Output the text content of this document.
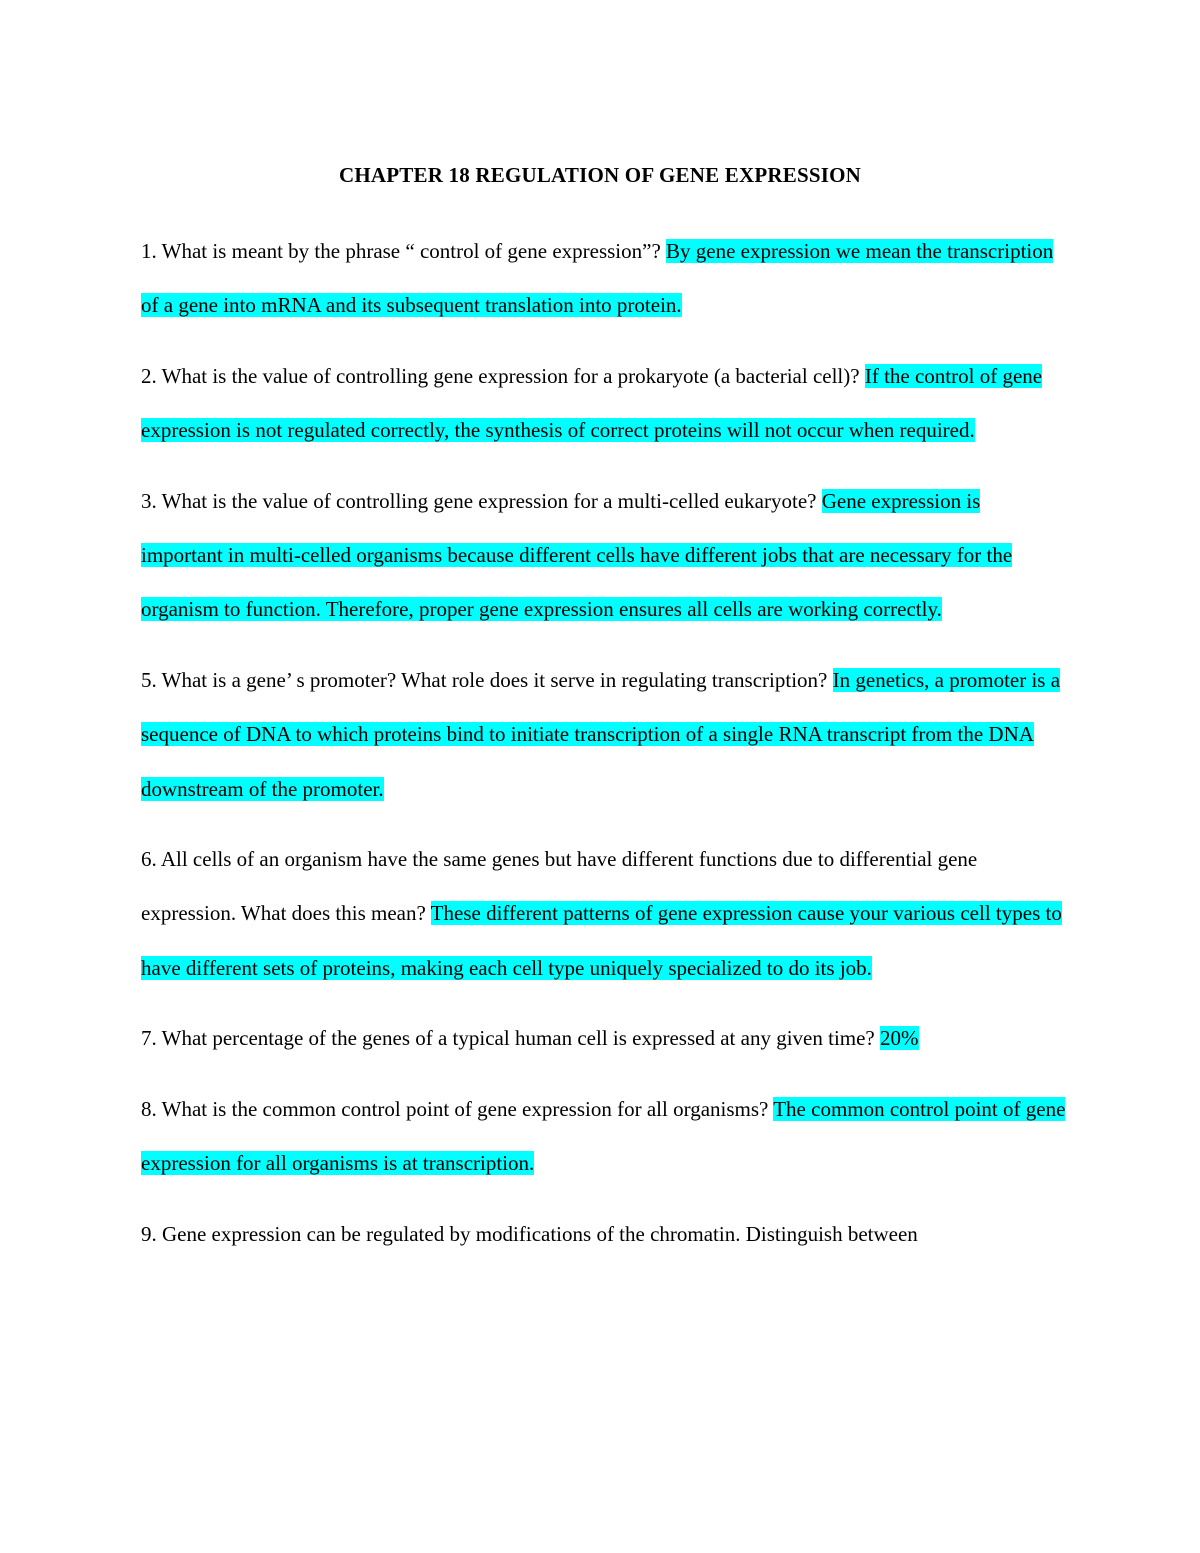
CHAPTER 18 REGULATION OF GENE EXPRESSION

1. What is meant by the phrase “ control of gene expression”? By gene expression we mean the transcription of a gene into mRNA and its subsequent translation into protein.

2. What is the value of controlling gene expression for a prokaryote (a bacterial cell)? If the control of gene expression is not regulated correctly, the synthesis of correct proteins will not occur when required.

3. What is the value of controlling gene expression for a multi-celled eukaryote? Gene expression is important in multi-celled organisms because different cells have different jobs that are necessary for the organism to function. Therefore, proper gene expression ensures all cells are working correctly.

5. What is a gene’ s promoter? What role does it serve in regulating transcription? In genetics, a promoter is a sequence of DNA to which proteins bind to initiate transcription of a single RNA transcript from the DNA downstream of the promoter.

6. All cells of an organism have the same genes but have different functions due to differential gene expression. What does this mean? These different patterns of gene expression cause your various cell types to have different sets of proteins, making each cell type uniquely specialized to do its job.

7. What percentage of the genes of a typical human cell is expressed at any given time? 20%

8. What is the common control point of gene expression for all organisms? The common control point of gene expression for all organisms is at transcription.

9. Gene expression can be regulated by modifications of the chromatin. Distinguish between
